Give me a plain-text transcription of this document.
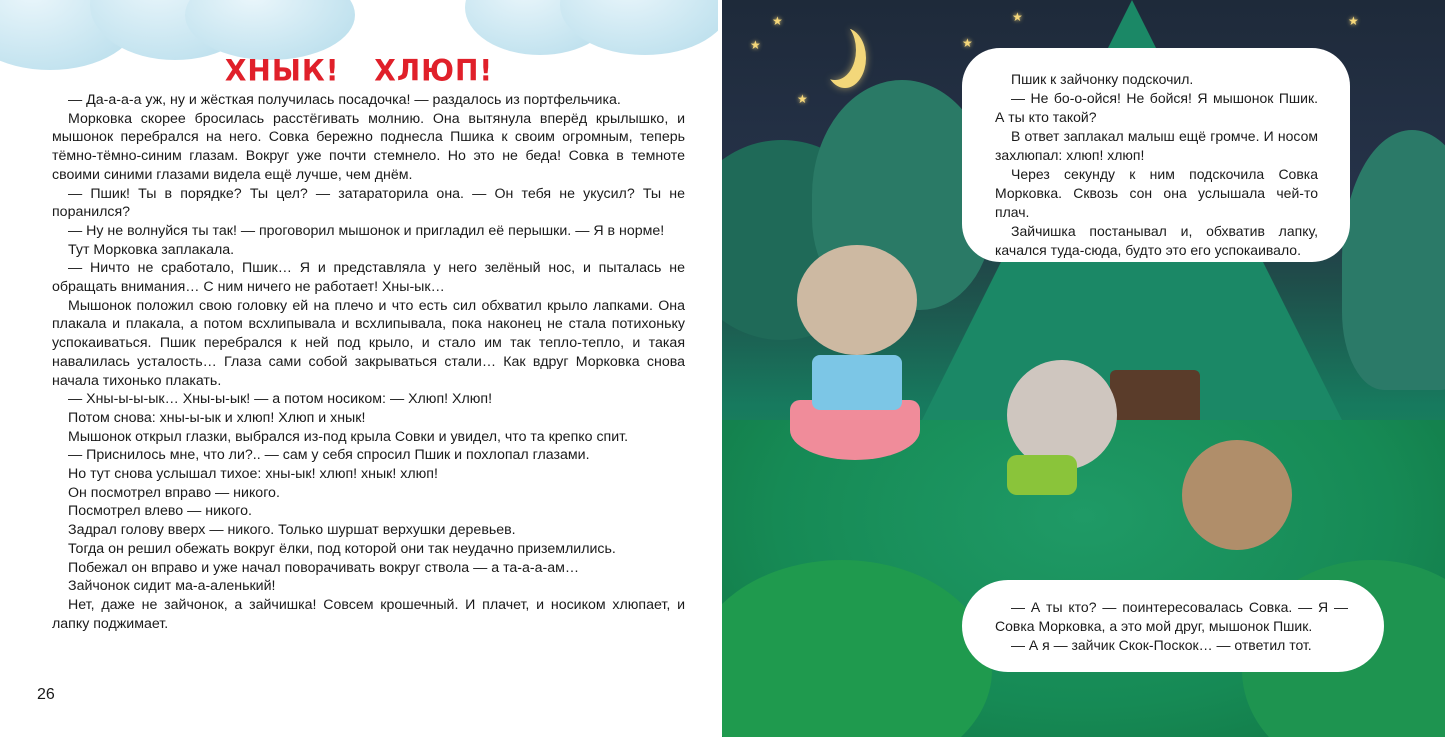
ХНЫК! ХЛЮП!

— Да-а-а-а уж, ну и жёсткая получилась посадочка! — раздалось из портфельчика.

Морковка скорее бросилась расстёгивать молнию. Она вытянула вперёд крылышко, и мышонок перебрался на него. Совка бережно поднесла Пшика к своим огромным, теперь тёмно-тёмно-синим глазам. Вокруг уже почти стемнело. Но это не беда! Совка в темноте своими синими глазами видела ещё лучше, чем днём.

— Пшик! Ты в порядке? Ты цел? — затараторила она. — Он тебя не укусил? Ты не поранился?

— Ну не волнуйся ты так! — проговорил мышонок и пригладил её перышки. — Я в норме!

Тут Морковка заплакала.

— Ничто не сработало, Пшик… Я и представляла у него зелёный нос, и пыталась не обращать внимания… С ним ничего не работает! Хны-ык…

Мышонок положил свою головку ей на плечо и что есть сил обхватил крыло лапками. Она плакала и плакала, а потом всхлипывала и всхлипывала, пока наконец не стала потихоньку успокаиваться. Пшик перебрался к ней под крыло, и стало им так тепло-тепло, и такая навалилась усталость… Глаза сами собой закрываться стали… Как вдруг Морковка снова начала тихонько плакать.

— Хны-ы-ы-ык… Хны-ы-ык! — а потом носиком: — Хлюп! Хлюп!

Потом снова: хны-ы-ык и хлюп! Хлюп и хнык!

Мышонок открыл глазки, выбрался из-под крыла Совки и увидел, что та крепко спит.

— Приснилось мне, что ли?.. — сам у себя спросил Пшик и похлопал глазами.

Но тут снова услышал тихое: хны-ык! хлюп! хнык! хлюп!

Он посмотрел вправо — никого.

Посмотрел влево — никого.

Задрал голову вверх — никого. Только шуршат верхушки деревьев.

Тогда он решил обежать вокруг ёлки, под которой они так неудачно приземлились.

Побежал он вправо и уже начал поворачивать вокруг ствола — а та-а-а-ам…

Зайчонок сидит ма-а-аленький!

Нет, даже не зайчонок, а зайчишка! Совсем крошечный. И плачет, и носиком хлюпает, и лапку поджимает.

26
★
★
★
★
★	★

Пшик к зайчонку подскочил.

— Не бо-о-ойся! Не бойся! Я мышонок Пшик. А ты кто такой?

В ответ заплакал малыш ещё громче. И носом захлюпал: хлюп! хлюп!

Через секунду к ним подскочила Совка Морковка. Сквозь сон она услышала чей-то плач.

Зайчишка постанывал и, обхватив лапку, качался туда-сюда, будто это его успокаивало.

— А ты кто? — поинтересовалась Совка. — Я — Совка Морковка, а это мой друг, мышонок Пшик.

— А я — зайчик Скок-Поскок… — ответил тот.
